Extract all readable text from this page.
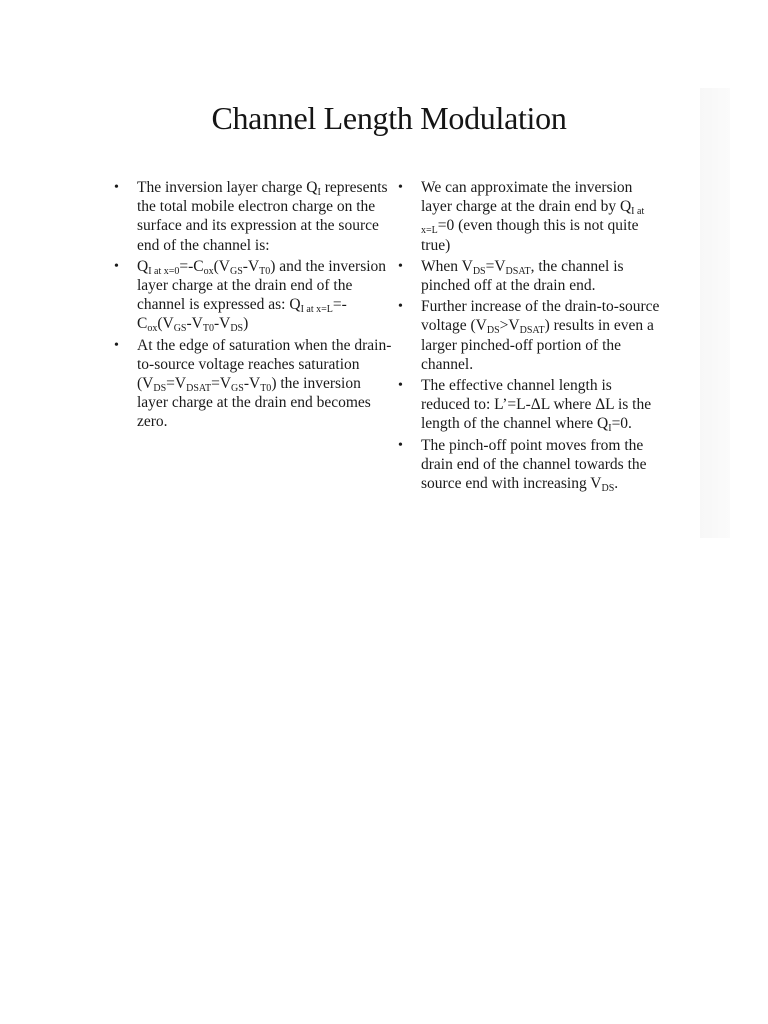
Channel Length Modulation
• The inversion layer charge $Q_I$ represents the total mobile electron charge on the surface and its expression at the source end of the channel is:
• $Q_{I at x=0}=-C_{ox}(V_{GS}-V_{T0})$ and the inversion layer charge at the drain end of the channel is expressed as: $Q_{I at x=L}=-C_{ox}(V_{GS}-V_{T0}-V_{DS})$
• At the edge of saturation when the drain-to-source voltage reaches saturation $(V_{DS}=V_{DSAT}=V_{GS}-V_{T0})$ the inversion layer charge at the drain end becomes zero.
• We can approximate the inversion layer charge at the drain end by $Q_{I at x=L}=0$ (even though this is not quite true)
• When $V_{DS}=V_{DSAT}$, the channel is pinched off at the drain end.
• Further increase of the drain-to-source voltage $(V_{DS}>V_{DSAT})$ results in even a larger pinched-off portion of the channel.
• The effective channel length is reduced to: L’=L-ΔL where ΔL is the length of the channel where $Q_I=0$.
• The pinch-off point moves from the drain end of the channel towards the source end with increasing $V_{DS}$.
